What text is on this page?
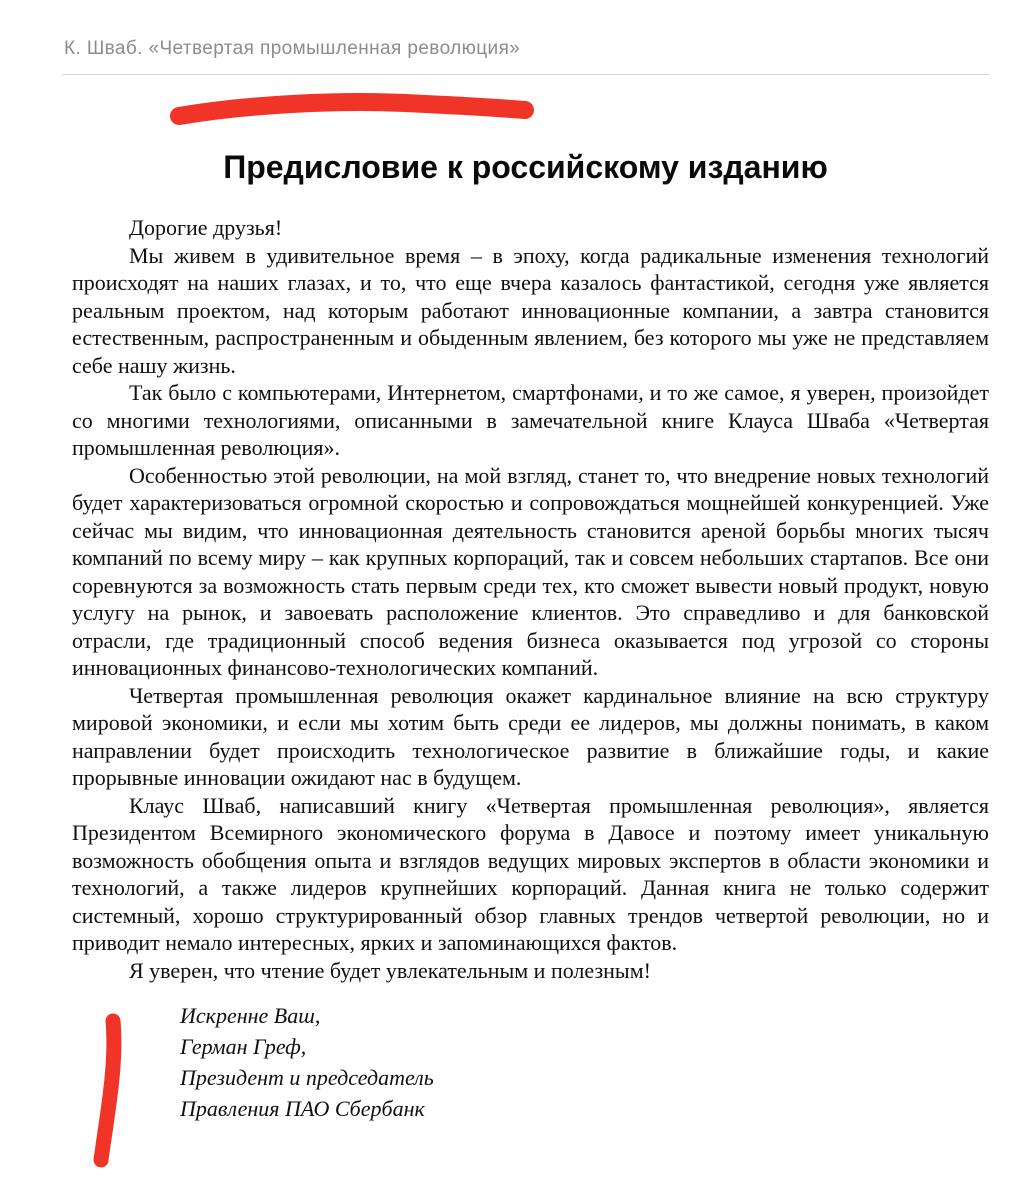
К. Шваб. «Четвертая промышленная революция»
Предисловие к российскому изданию

Дорогие друзья!

Мы живем в удивительное время – в эпоху, когда радикальные изменения технологий происходят на наших глазах, и то, что еще вчера казалось фантастикой, сегодня уже является реальным проектом, над которым работают инновационные компании, а завтра становится естественным, распространенным и обыденным явлением, без которого мы уже не представляем себе нашу жизнь.

Так было с компьютерами, Интернетом, смартфонами, и то же самое, я уверен, произойдет со многими технологиями, описанными в замечательной книге Клауса Шваба «Четвертая промышленная революция».

Особенностью этой революции, на мой взгляд, станет то, что внедрение новых технологий будет характеризоваться огромной скоростью и сопровождаться мощнейшей конкуренцией. Уже сейчас мы видим, что инновационная деятельность становится ареной борьбы многих тысяч компаний по всему миру – как крупных корпораций, так и совсем небольших стартапов. Все они соревнуются за возможность стать первым среди тех, кто сможет вывести новый продукт, новую услугу на рынок, и завоевать расположение клиентов. Это справедливо и для банковской отрасли, где традиционный способ ведения бизнеса оказывается под угрозой со стороны инновационных финансово-технологических компаний.

Четвертая промышленная революция окажет кардинальное влияние на всю структуру мировой экономики, и если мы хотим быть среди ее лидеров, мы должны понимать, в каком направлении будет происходить технологическое развитие в ближайшие годы, и какие прорывные инновации ожидают нас в будущем.

Клаус Шваб, написавший книгу «Четвертая промышленная революция», является Президентом Всемирного экономического форума в Давосе и поэтому имеет уникальную возможность обобщения опыта и взглядов ведущих мировых экспертов в области экономики и технологий, а также лидеров крупнейших корпораций. Данная книга не только содержит системный, хорошо структурированный обзор главных трендов четвертой революции, но и приводит немало интересных, ярких и запоминающихся фактов.

Я уверен, что чтение будет увлекательным и полезным!

Искренне Ваш,
Герман Греф,
Президент и председатель
Правления ПАО Сбербанк
